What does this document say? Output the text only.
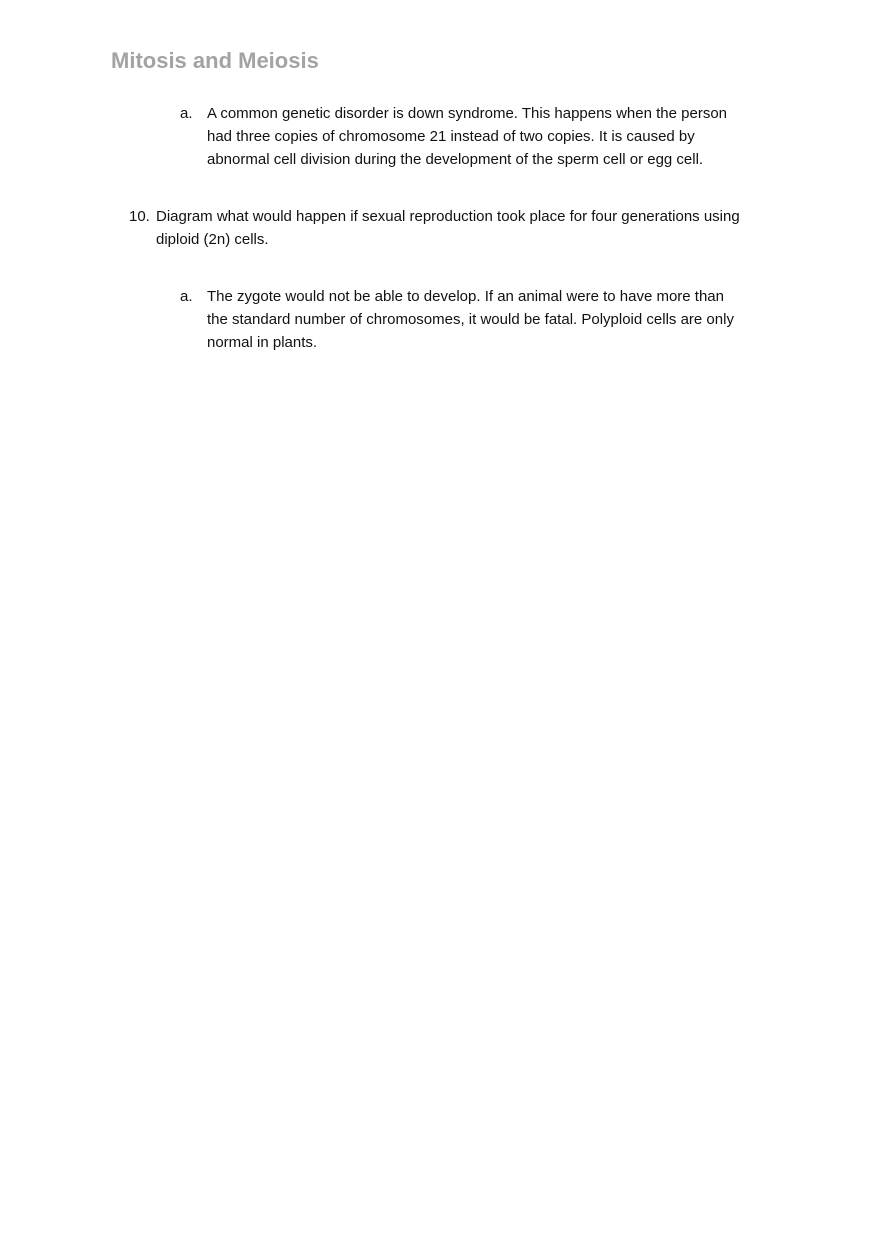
Mitosis and Meiosis
a. A common genetic disorder is down syndrome. This happens when the person
had three copies of chromosome 21 instead of two copies. It is caused by
abnormal cell division during the development of the sperm cell or egg cell.
10. Diagram what would happen if sexual reproduction took place for four generations using
diploid (2n) cells.
a. The zygote would not be able to develop. If an animal were to have more than
the standard number of chromosomes, it would be fatal. Polyploid cells are only
normal in plants.
